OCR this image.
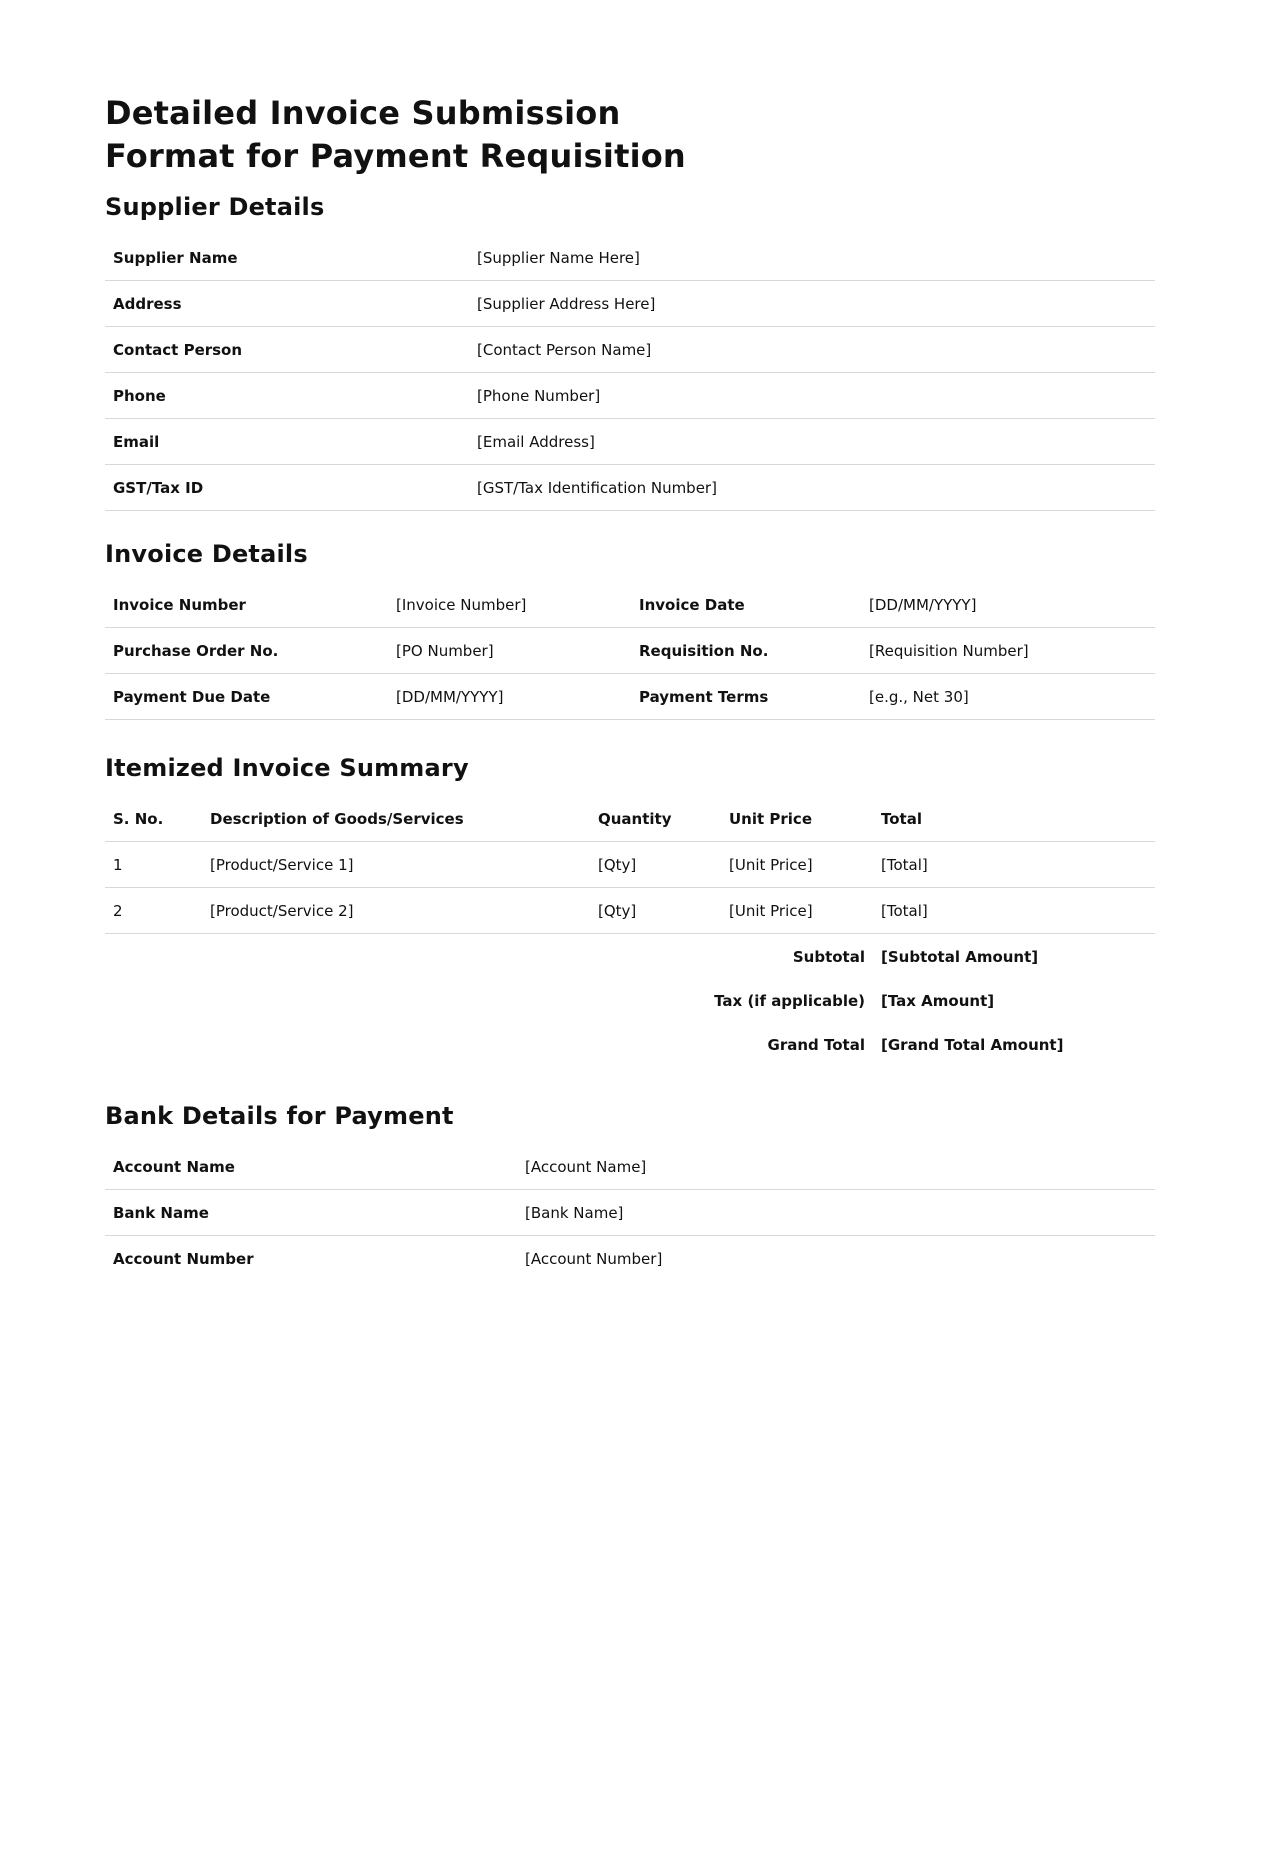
Detailed Invoice Submission Format for Payment Requisition
Supplier Details
Supplier Name	[Supplier Name Here]
Address	[Supplier Address Here]
Contact Person	[Contact Person Name]
Phone	[Phone Number]
Email	[Email Address]
GST/Tax ID	[GST/Tax Identification Number]
Invoice Details
Invoice Number	[Invoice Number]	Invoice Date	[DD/MM/YYYY]
Purchase Order No.	[PO Number]	Requisition No.	[Requisition Number]
Payment Due Date	[DD/MM/YYYY]	Payment Terms	[e.g., Net 30]
Itemized Invoice Summary
S. No.	Description of Goods/Services	Quantity	Unit Price	Total
1	[Product/Service 1]	[Qty]	[Unit Price]	[Total]
2	[Product/Service 2]	[Qty]	[Unit Price]	[Total]
Subtotal				[Subtotal Amount]
Tax (if applicable)				[Tax Amount]
Grand Total				[Grand Total Amount]
Bank Details for Payment
Account Name	[Account Name]
Bank Name	[Bank Name]
Account Number	[Account Number]
